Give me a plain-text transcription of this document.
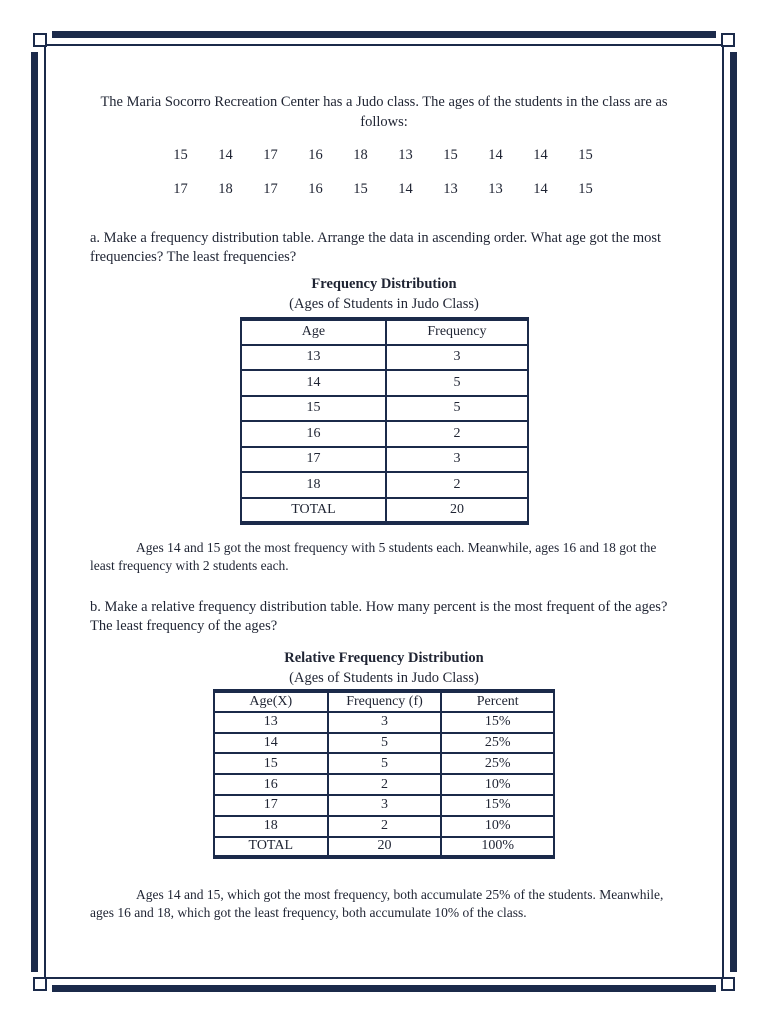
The Maria Socorro Recreation Center has a Judo class. The ages of the students in the class are as follows:
15	14	17	16	18	13	15	14	14	15
17	18	17	16	15	14	13	13	14	15
a. Make a frequency distribution table. Arrange the data in ascending order. What age got the most frequencies? The least frequencies?
Frequency Distribution
(Ages of Students in Judo Class)
Age	Frequency
13	3
14	5
15	5
16	2
17	3
18	2
TOTAL	20
Ages 14 and 15 got the most frequency with 5 students each. Meanwhile, ages 16 and 18 got the least frequency with 2 students each.
b. Make a relative frequency distribution table. How many percent is the most frequent of the ages? The least frequency of the ages?
Relative Frequency Distribution
(Ages of Students in Judo Class)
Age(X)	Frequency (f)	Percent
13	3	15%
14	5	25%
15	5	25%
16	2	10%
17	3	15%
18	2	10%
TOTAL	20	100%
Ages 14 and 15, which got the most frequency, both accumulate 25% of the students. Meanwhile, ages 16 and 18, which got the least frequency, both accumulate 10% of the class.
